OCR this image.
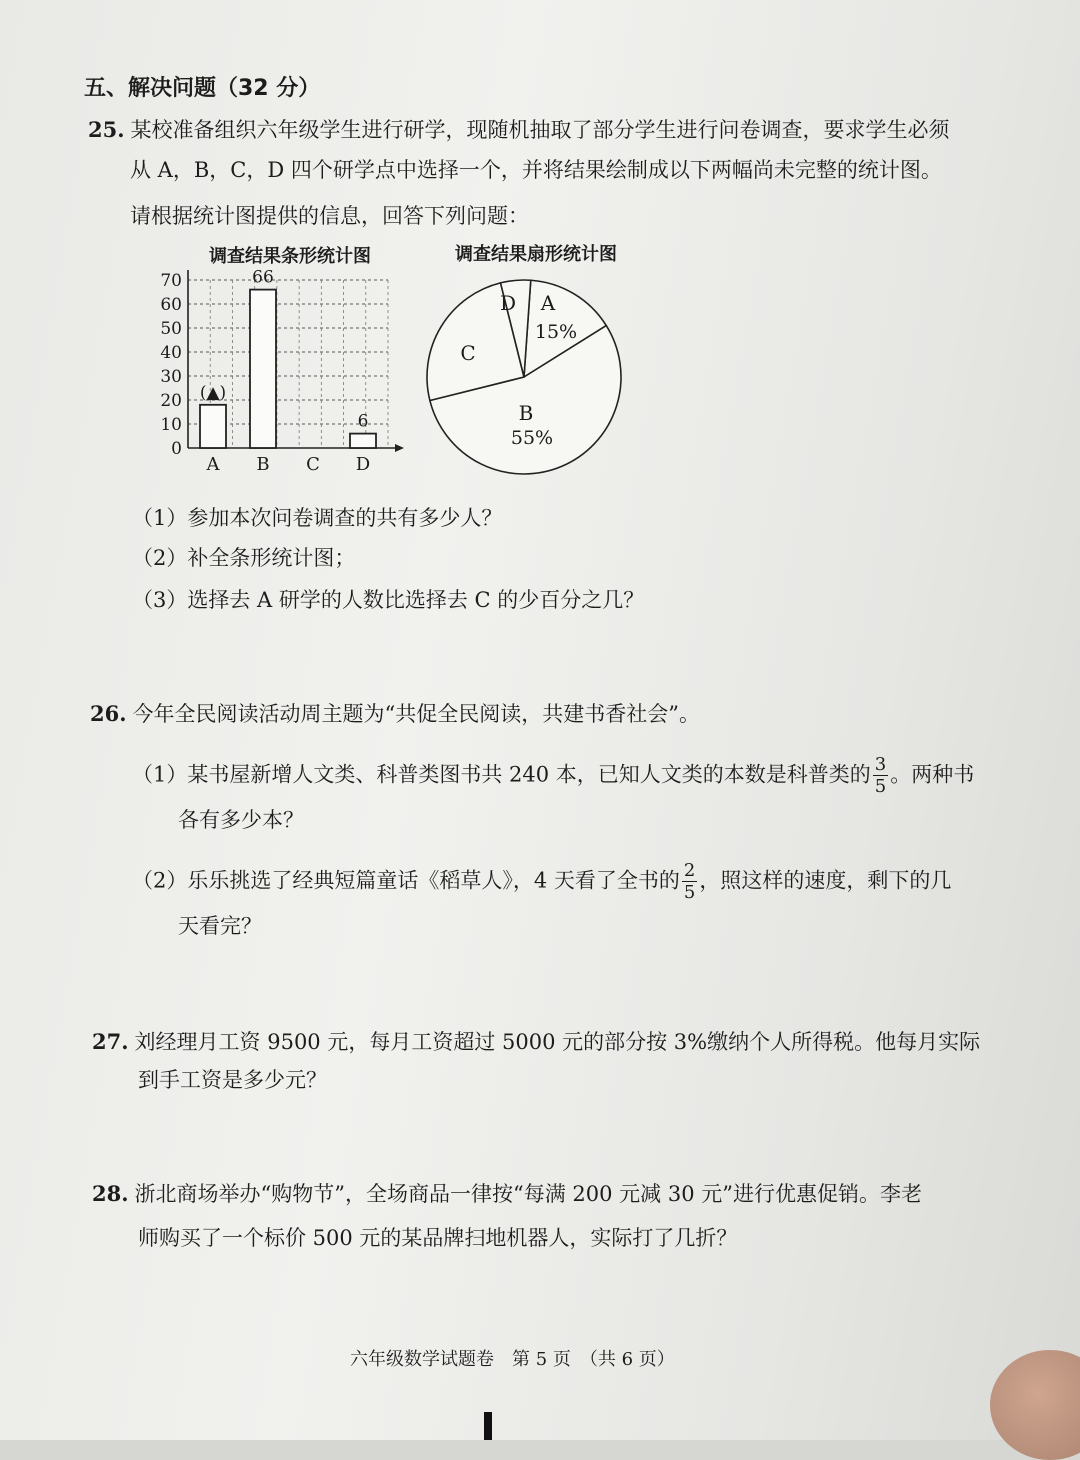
五、解决问题（32 分）
25. 某校准备组织六年级学生进行研学，现随机抽取了部分学生进行问卷调查，要求学生必须
从 A，B，C，D 四个研学点中选择一个，并将结果绘制成以下两幅尚未完整的统计图。
请根据统计图提供的信息，回答下列问题：
调查结果条形统计图
0
10
20
30
40
50
60
70
(▲)
A
66
B C
6
D
调查结果扇形统计图
A
15%
B
55%
C
D
（1）参加本次问卷调查的共有多少人？
（2）补全条形统计图；
（3）选择去 A 研学的人数比选择去 C 的少百分之几？
26. 今年全民阅读活动周主题为“共促全民阅读，共建书香社会”。
（1）某书屋新增人文类、科普类图书共 240 本，已知人文类的本数是科普类的 $\frac{3}{5}$ 。两种书
各有多少本？
（2）乐乐挑选了经典短篇童话《稻草人》，4 天看了全书的 $\frac{2}{5}$ ，照这样的速度，剩下的几
天看完？
27. 刘经理月工资 9500 元，每月工资超过 5000 元的部分按 3%缴纳个人所得税。他每月实际
到手工资是多少元？
28. 浙北商场举办“购物节”，全场商品一律按“每满 200 元减 30 元”进行优惠促销。李老
师购买了一个标价 500 元的某品牌扫地机器人，实际打了几折？
六年级数学试题卷　第 5 页　（共 6 页）
